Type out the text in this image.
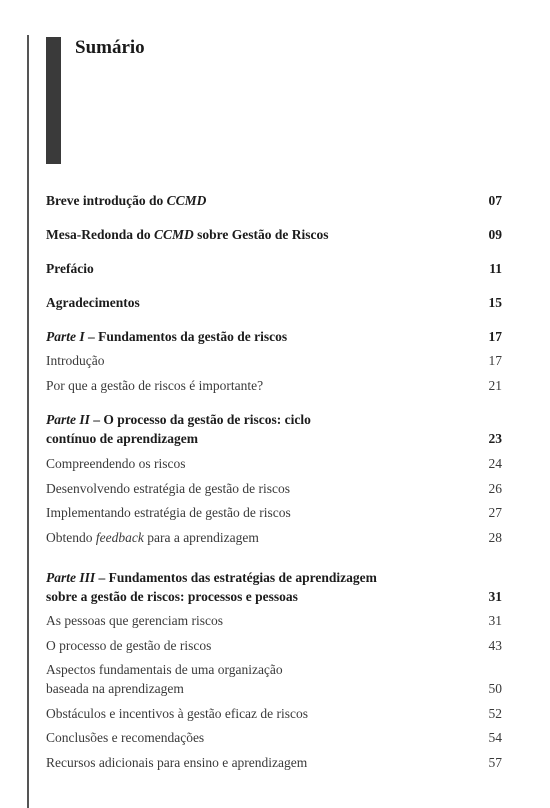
Sumário
Breve introdução do CCMD	07
Mesa-Redonda do CCMD sobre Gestão de Riscos	09
Prefácio	11
Agradecimentos	15
Parte I – Fundamentos da gestão de riscos	17
Introdução	17
Por que a gestão de riscos é importante?	21
Parte II – O processo da gestão de riscos: ciclo
contínuo de aprendizagem	23
Compreendendo os riscos	24
Desenvolvendo estratégia de gestão de riscos	26
Implementando estratégia de gestão de riscos	27
Obtendo feedback para a aprendizagem	28
Parte III – Fundamentos das estratégias de aprendizagem
sobre a gestão de riscos: processos e pessoas	31
As pessoas que gerenciam riscos	31
O processo de gestão de riscos	43
Aspectos fundamentais de uma organização
baseada na aprendizagem	50
Obstáculos e incentivos à gestão eficaz de riscos	52
Conclusões e recomendações	54
Recursos adicionais para ensino e aprendizagem	57
